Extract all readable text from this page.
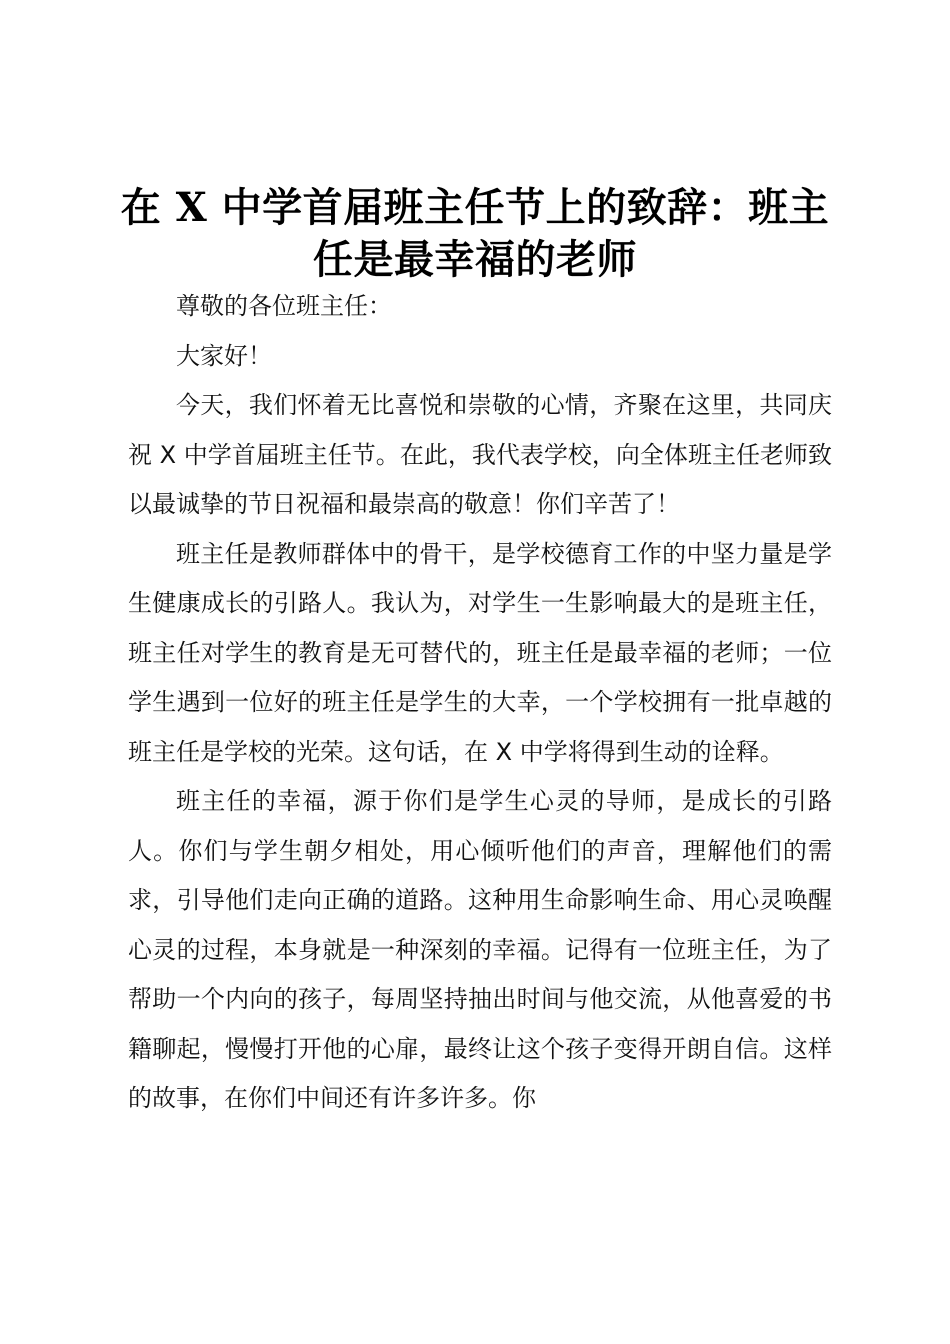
在 X 中学首届班主任节上的致辞：班主任是最幸福的老师

尊敬的各位班主任：

大家好！

今天，我们怀着无比喜悦和崇敬的心情，齐聚在这里，共同庆祝 X 中学首届班主任节。在此，我代表学校，向全体班主任老师致以最诚挚的节日祝福和最崇高的敬意！你们辛苦了！

班主任是教师群体中的骨干，是学校德育工作的中坚力量是学生健康成长的引路人。我认为，对学生一生影响最大的是班主任，班主任对学生的教育是无可替代的，班主任是最幸福的老师；一位学生遇到一位好的班主任是学生的大幸，一个学校拥有一批卓越的班主任是学校的光荣。这句话，在 X 中学将得到生动的诠释。

班主任的幸福，源于你们是学生心灵的导师，是成长的引路人。你们与学生朝夕相处，用心倾听他们的声音，理解他们的需求，引导他们走向正确的道路。这种用生命影响生命、用心灵唤醒心灵的过程，本身就是一种深刻的幸福。记得有一位班主任，为了帮助一个内向的孩子，每周坚持抽出时间与他交流，从他喜爱的书籍聊起，慢慢打开他的心扉，最终让这个孩子变得开朗自信。这样的故事，在你们中间还有许多许多。你
